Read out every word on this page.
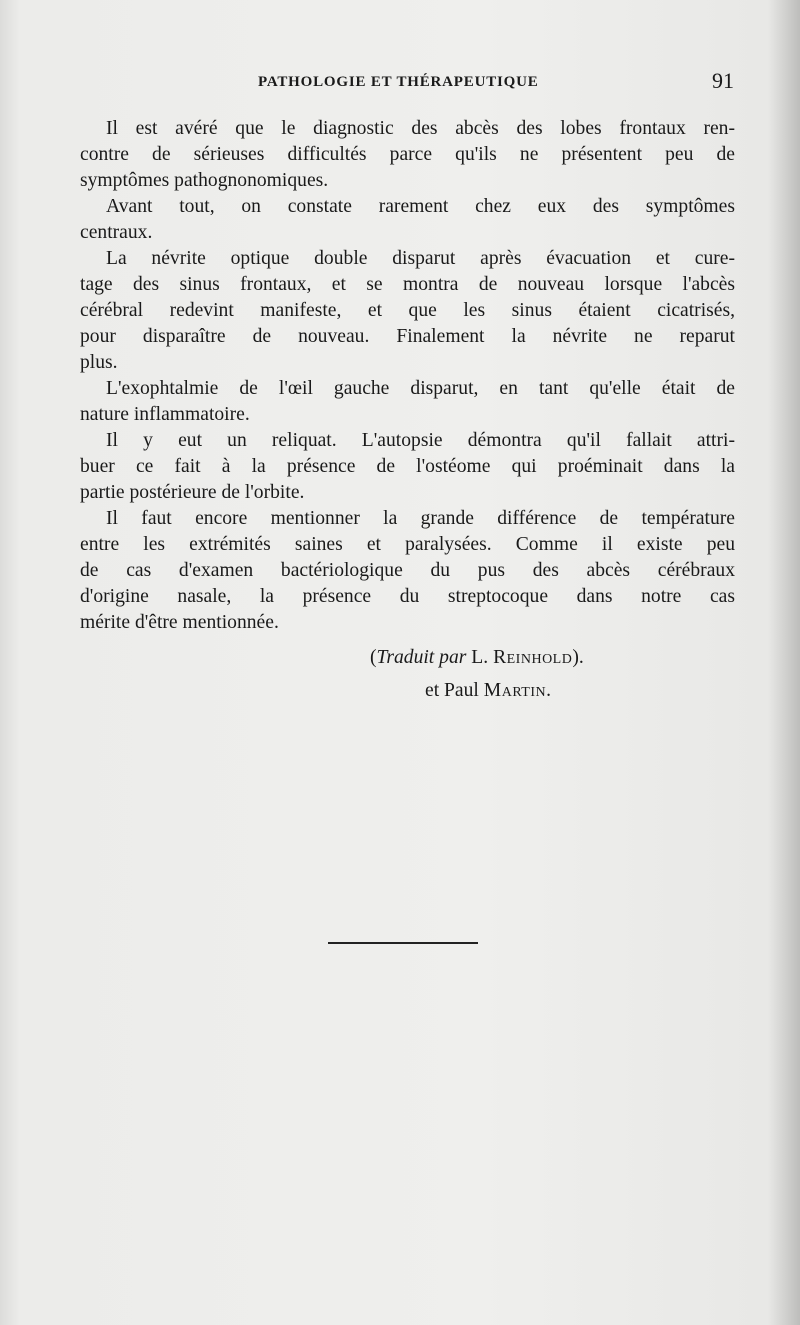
PATHOLOGIE ET THÉRAPEUTIQUE	91
Il est avéré que le diagnostic des abcès des lobes frontaux ren-
contre de sérieuses difficultés parce qu'ils ne présentent peu de
symptômes pathognonomiques.
Avant tout, on constate rarement chez eux des symptômes
centraux.
La névrite optique double disparut après évacuation et cure-
tage des sinus frontaux, et se montra de nouveau lorsque l'abcès
cérébral redevint manifeste, et que les sinus étaient cicatrisés,
pour disparaître de nouveau. Finalement la névrite ne reparut
plus.
L'exophtalmie de l'œil gauche disparut, en tant qu'elle était de
nature inflammatoire.
Il y eut un reliquat. L'autopsie démontra qu'il fallait attri-
buer ce fait à la présence de l'ostéome qui proéminait dans la
partie postérieure de l'orbite.
Il faut encore mentionner la grande différence de température
entre les extrémités saines et paralysées. Comme il existe peu
de cas d'examen bactériologique du pus des abcès cérébraux
d'origine nasale, la présence du streptocoque dans notre cas
mérite d'être mentionnée.
(Traduit par L. Reinhold).
et Paul Martin.
